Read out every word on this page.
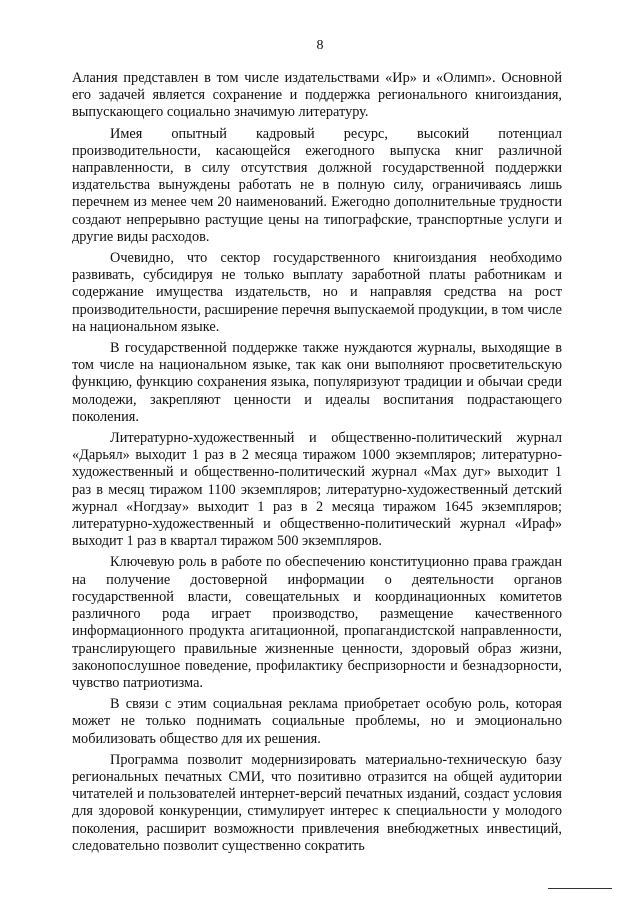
8

Алания представлен в том числе издательствами «Ир» и «Олимп». Основной его задачей является сохранение и поддержка регионального книгоиздания, выпускающего социально значимую литературу.

Имея опытный кадровый ресурс, высокий потенциал производительности, касающейся ежегодного выпуска книг различной направленности, в силу отсутствия должной государственной поддержки издательства вынуждены работать не в полную силу, ограничиваясь лишь перечнем из менее чем 20 наименований. Ежегодно дополнительные трудности создают непрерывно растущие цены на типографские, транспортные услуги и другие виды расходов.

Очевидно, что сектор государственного книгоиздания необходимо развивать, субсидируя не только выплату заработной платы работникам и содержание имущества издательств, но и направляя средства на рост производительности, расширение перечня выпускаемой продукции, в том числе на национальном языке.

В государственной поддержке также нуждаются журналы, выходящие в том числе на национальном языке, так как они выполняют просветительскую функцию, функцию сохранения языка, популяризуют традиции и обычаи среди молодежи, закрепляют ценности и идеалы воспитания подрастающего поколения.

Литературно-художественный и общественно-политический журнал «Дарьял» выходит 1 раз в 2 месяца тиражом 1000 экземпляров; литературно-художественный и общественно-политический журнал «Мах дуг» выходит 1 раз в месяц тиражом 1100 экземпляров; литературно-художественный детский журнал «Ногдзау» выходит 1 раз в 2 месяца тиражом 1645 экземпляров; литературно-художественный и общественно-политический журнал «Ираф» выходит 1 раз в квартал тиражом 500 экземпляров.

Ключевую роль в работе по обеспечению конституционно права граждан на получение достоверной информации о деятельности органов государственной власти, совещательных и координационных комитетов различного рода играет производство, размещение качественного информационного продукта агитационной, пропагандистской направленности, транслирующего правильные жизненные ценности, здоровый образ жизни, законопослушное поведение, профилактику беспризорности и безнадзорности, чувство патриотизма.

В связи с этим социальная реклама приобретает особую роль, которая может не только поднимать социальные проблемы, но и эмоционально мобилизовать общество для их решения.

Программа позволит модернизировать материально-техническую базу региональных печатных СМИ, что позитивно отразится на общей аудитории читателей и пользователей интернет-версий печатных изданий, создаст условия для здоровой конкуренции, стимулирует интерес к специальности у молодого поколения, расширит возможности привлечения внебюджетных инвестиций, следовательно позволит существенно сократить
